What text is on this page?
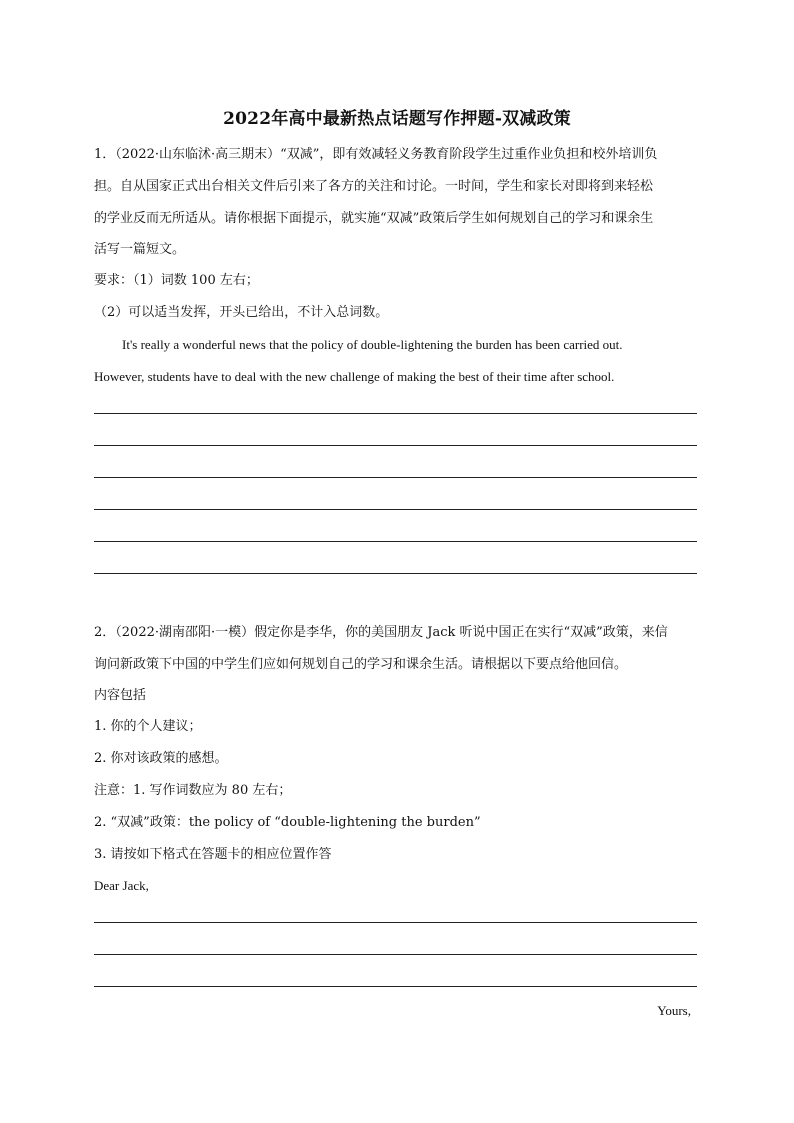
2022年高中最新热点话题写作押题-双减政策
1．（2022·山东临沭·高三期末）“双减”，即有效减轻义务教育阶段学生过重作业负担和校外培训负
担。自从国家正式出台相关文件后引来了各方的关注和讨论。一时间，学生和家长对即将到来轻松
的学业反而无所适从。请你根据下面提示，就实施“双减”政策后学生如何规划自己的学习和课余生
活写一篇短文。
要求：（1）词数 100 左右；
（2）可以适当发挥，开头已给出，不计入总词数。
It's really a wonderful news that the policy of double-lightening the burden has been carried out.
However, students have to deal with the new challenge of making the best of their time after school.
2．（2022·湖南邵阳·一模）假定你是李华，你的美国朋友 Jack 听说中国正在实行“双减”政策，来信
询问新政策下中国的中学生们应如何规划自己的学习和课余生活。请根据以下要点给他回信。
内容包括
1. 你的个人建议；
2. 你对该政策的感想。
注意：1. 写作词数应为 80 左右；
2. “双减”政策：the policy of “double-lightening the burden”
3. 请按如下格式在答题卡的相应位置作答
Dear Jack,
Yours,
